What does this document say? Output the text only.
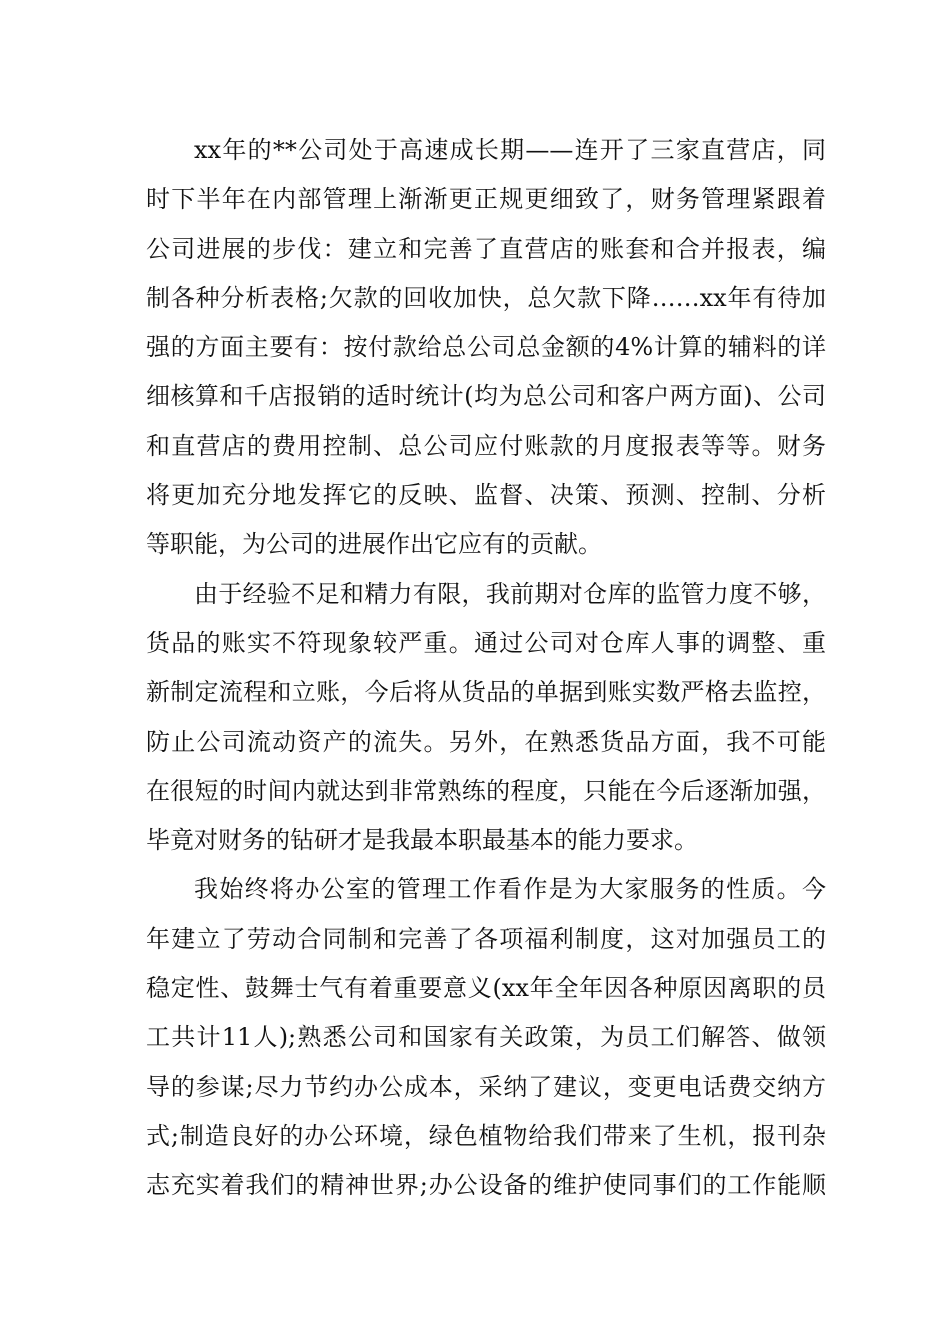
xx年的**公司处于高速成长期——连开了三家直营店，同
时下半年在内部管理上渐渐更正规更细致了，财务管理紧跟着
公司进展的步伐：建立和完善了直营店的账套和合并报表，编
制各种分析表格;欠款的回收加快，总欠款下降……xx年有待加
强的方面主要有：按付款给总公司总金额的4%计算的辅料的详
细核算和千店报销的适时统计(均为总公司和客户两方面)、公司
和直营店的费用控制、总公司应付账款的月度报表等等。财务
将更加充分地发挥它的反映、监督、决策、预测、控制、分析
等职能，为公司的进展作出它应有的贡献。
由于经验不足和精力有限，我前期对仓库的监管力度不够，
货品的账实不符现象较严重。通过公司对仓库人事的调整、重
新制定流程和立账，今后将从货品的单据到账实数严格去监控，
防止公司流动资产的流失。另外，在熟悉货品方面，我不可能
在很短的时间内就达到非常熟练的程度，只能在今后逐渐加强，
毕竟对财务的钻研才是我最本职最基本的能力要求。
我始终将办公室的管理工作看作是为大家服务的性质。今
年建立了劳动合同制和完善了各项福利制度，这对加强员工的
稳定性、鼓舞士气有着重要意义(xx年全年因各种原因离职的员
工共计11人);熟悉公司和国家有关政策，为员工们解答、做领
导的参谋;尽力节约办公成本，采纳了建议，变更电话费交纳方
式;制造良好的办公环境，绿色植物给我们带来了生机，报刊杂
志充实着我们的精神世界;办公设备的维护使同事们的工作能顺
